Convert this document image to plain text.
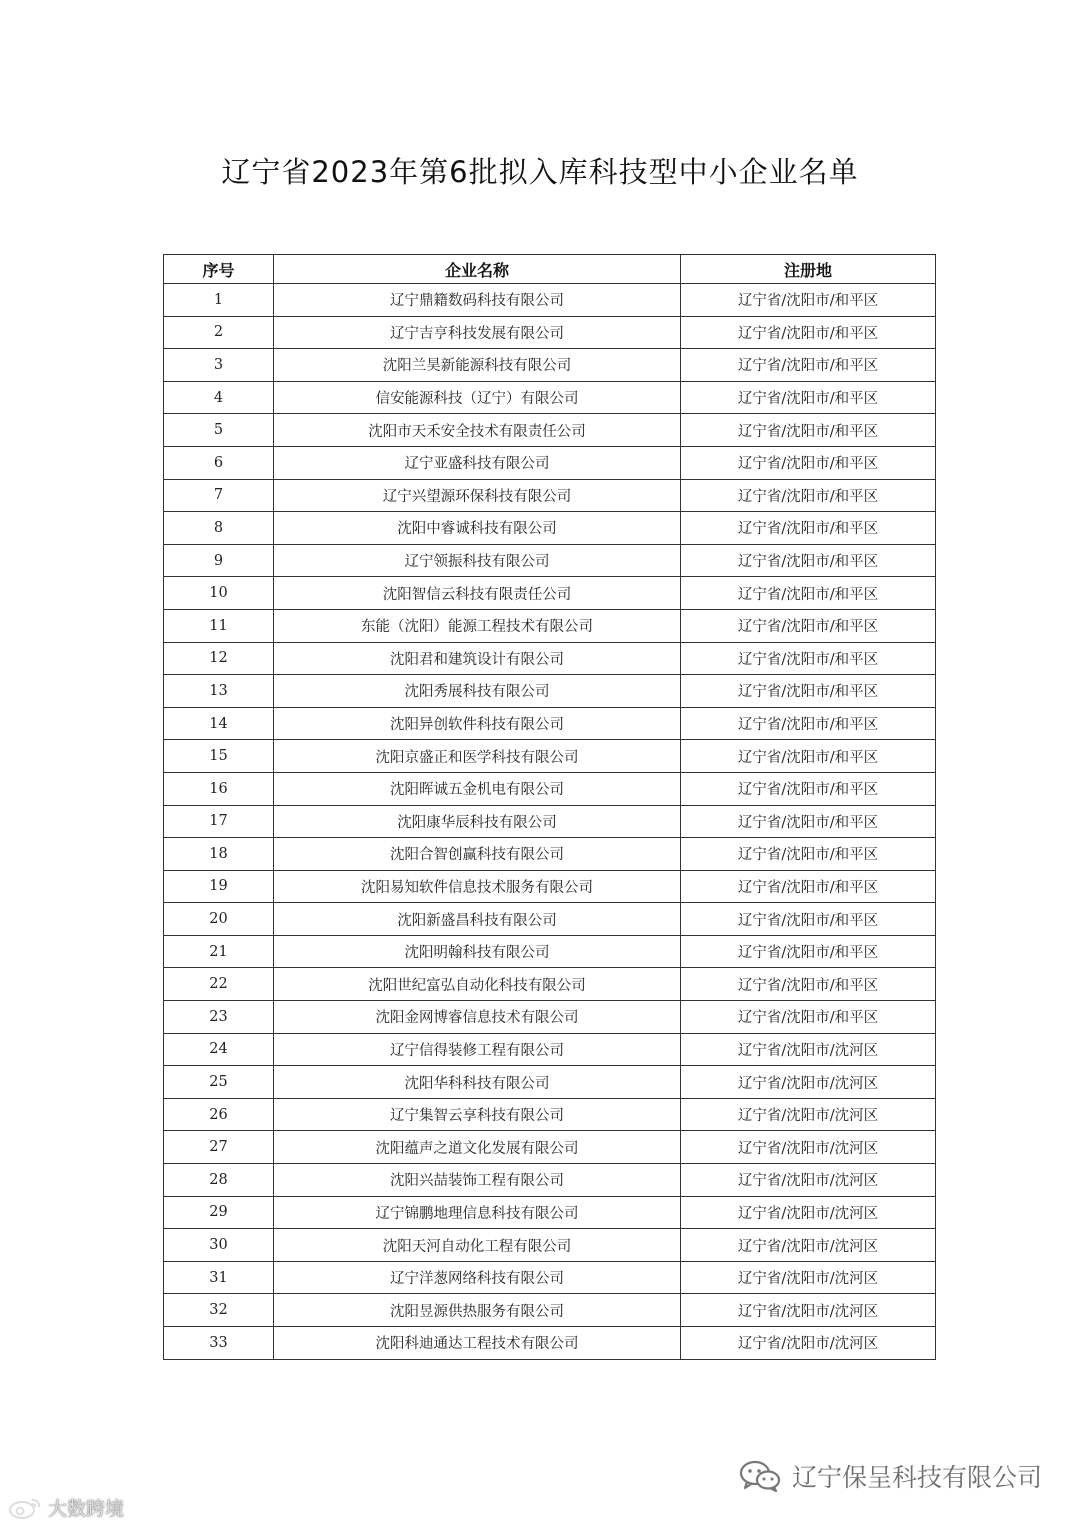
辽宁省2023年第6批拟入库科技型中小企业名单
序号	企业名称	注册地
1	辽宁鼎籍数码科技有限公司	辽宁省/沈阳市/和平区
2	辽宁吉亨科技发展有限公司	辽宁省/沈阳市/和平区
3	沈阳兰昊新能源科技有限公司	辽宁省/沈阳市/和平区
4	信安能源科技（辽宁）有限公司	辽宁省/沈阳市/和平区
5	沈阳市天禾安全技术有限责任公司	辽宁省/沈阳市/和平区
6	辽宁亚盛科技有限公司	辽宁省/沈阳市/和平区
7	辽宁兴望源环保科技有限公司	辽宁省/沈阳市/和平区
8	沈阳中睿诚科技有限公司	辽宁省/沈阳市/和平区
9	辽宁领振科技有限公司	辽宁省/沈阳市/和平区
10	沈阳智信云科技有限责任公司	辽宁省/沈阳市/和平区
11	东能（沈阳）能源工程技术有限公司	辽宁省/沈阳市/和平区
12	沈阳君和建筑设计有限公司	辽宁省/沈阳市/和平区
13	沈阳秀展科技有限公司	辽宁省/沈阳市/和平区
14	沈阳异创软件科技有限公司	辽宁省/沈阳市/和平区
15	沈阳京盛正和医学科技有限公司	辽宁省/沈阳市/和平区
16	沈阳晖诚五金机电有限公司	辽宁省/沈阳市/和平区
17	沈阳康华辰科技有限公司	辽宁省/沈阳市/和平区
18	沈阳合智创赢科技有限公司	辽宁省/沈阳市/和平区
19	沈阳易知软件信息技术服务有限公司	辽宁省/沈阳市/和平区
20	沈阳新盛昌科技有限公司	辽宁省/沈阳市/和平区
21	沈阳明翰科技有限公司	辽宁省/沈阳市/和平区
22	沈阳世纪富弘自动化科技有限公司	辽宁省/沈阳市/和平区
23	沈阳金网博睿信息技术有限公司	辽宁省/沈阳市/和平区
24	辽宁信得装修工程有限公司	辽宁省/沈阳市/沈河区
25	沈阳华科科技有限公司	辽宁省/沈阳市/沈河区
26	辽宁集智云享科技有限公司	辽宁省/沈阳市/沈河区
27	沈阳蕴声之道文化发展有限公司	辽宁省/沈阳市/沈河区
28	沈阳兴喆装饰工程有限公司	辽宁省/沈阳市/沈河区
29	辽宁锦鹏地理信息科技有限公司	辽宁省/沈阳市/沈河区
30	沈阳天河自动化工程有限公司	辽宁省/沈阳市/沈河区
31	辽宁洋葱网络科技有限公司	辽宁省/沈阳市/沈河区
32	沈阳昱源供热服务有限公司	辽宁省/沈阳市/沈河区
33	沈阳科迪通达工程技术有限公司	辽宁省/沈阳市/沈河区
辽宁保呈科技有限公司
大数跨境
